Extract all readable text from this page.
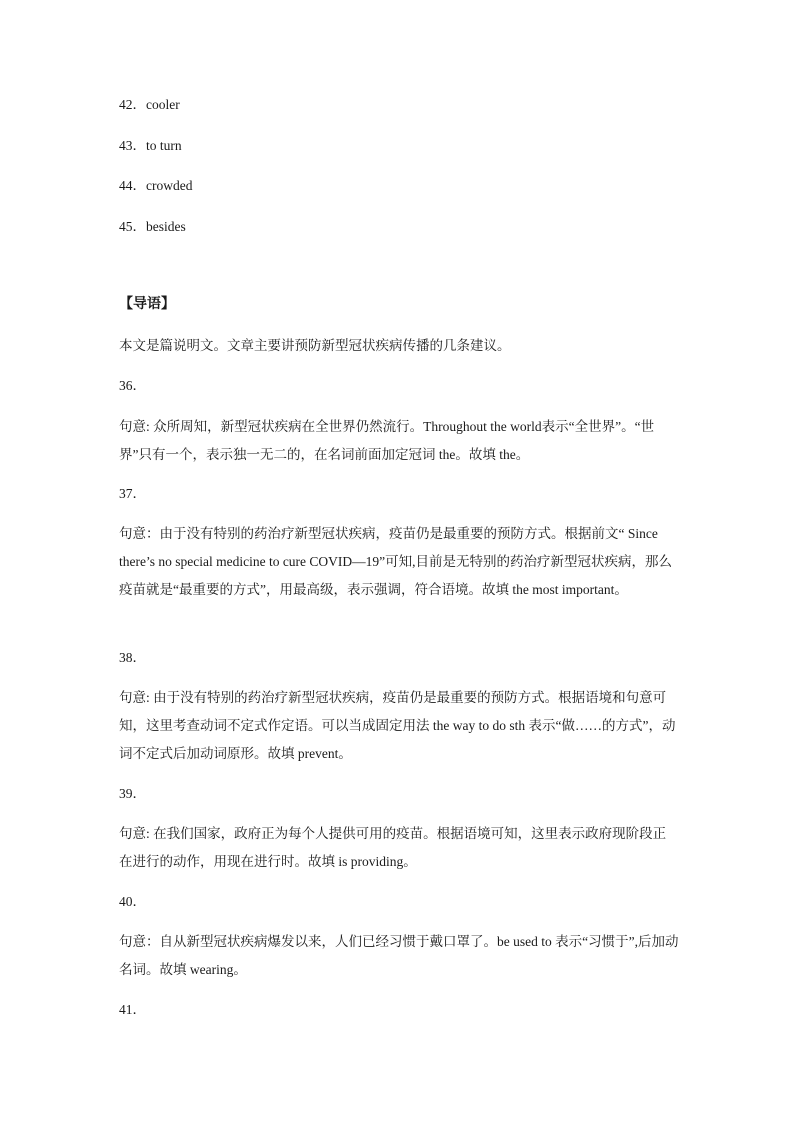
42．cooler
43．to turn
44．crowded
45．besides
【导语】
本文是篇说明文。文章主要讲预防新型冠状疾病传播的几条建议。
36．
句意: 众所周知，新型冠状疾病在全世界仍然流行。Throughout the world表示“全世界”。“世界”只有一个，表示独一无二的，在名词前面加定冠词 the。故填 the。
37．
句意：由于没有特别的药治疗新型冠状疾病，疫苗仍是最重要的预防方式。根据前文“ Since there’s no special medicine to cure COVID—19”可知,目前是无特别的药治疗新型冠状疾病，那么疫苗就是“最重要的方式”，用最高级，表示强调，符合语境。故填 the most important。
38．
句意: 由于没有特别的药治疗新型冠状疾病，疫苗仍是最重要的预防方式。根据语境和句意可知，这里考查动词不定式作定语。可以当成固定用法 the way to do sth 表示“做……的方式”，动词不定式后加动词原形。故填 prevent。
39．
句意: 在我们国家，政府正为每个人提供可用的疫苗。根据语境可知，这里表示政府现阶段正在进行的动作，用现在进行时。故填 is providing。
40．
句意：自从新型冠状疾病爆发以来，人们已经习惯于戴口罩了。be used to 表示“习惯于”,后加动名词。故填 wearing。
41．
